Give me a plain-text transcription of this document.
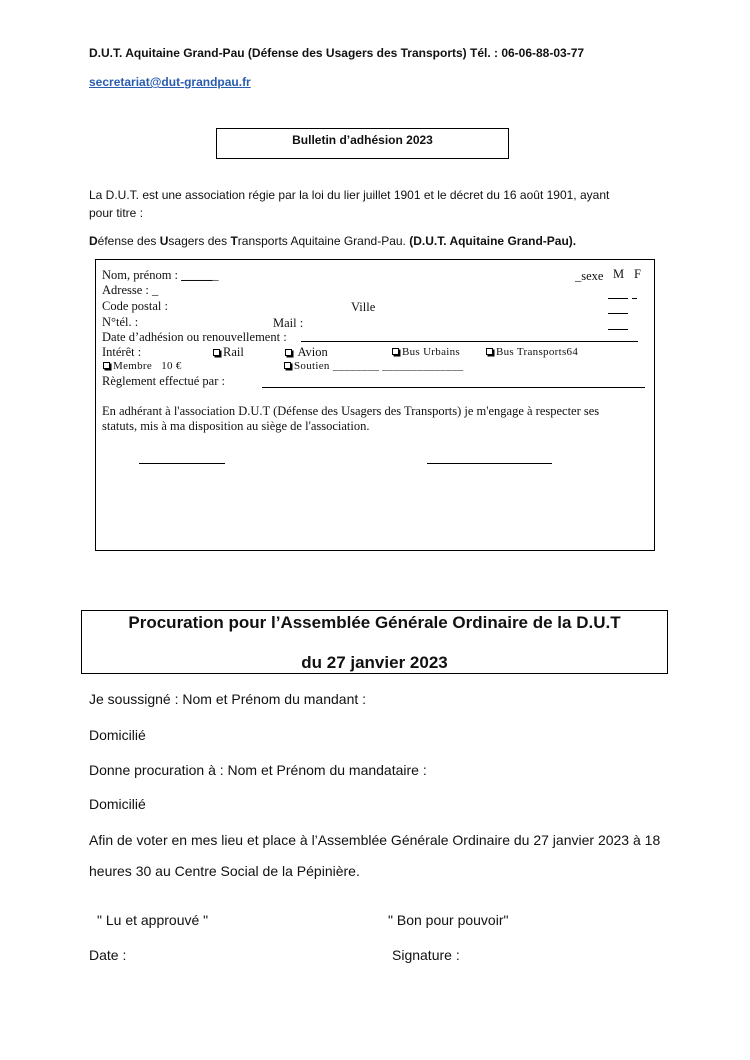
D.U.T. Aquitaine Grand-Pau (Défense des Usagers des Transports) Tél. : 06-06-88-03-77
secretariat@dut-grandpau.fr
Bulletin d’adhésion 2023
La D.U.T. est une association régie par la loi du lier juillet 1901 et le décret du 16 août 1901, ayant
pour titre :
Défense des Usagers des Transports Aquitaine Grand-Pau. (D.U.T. Aquitaine Grand-Pau).
Nom, prénom : ______	_sexe M F
Adresse : _
Code postal :	Ville
N°tél. :	Mail :
Date d’adhésion ou renouvellement :
Intérêt :	Rail	Avion	Bus Urbains	Bus Transports64
Membre 10 €	Soutien ________ ______________
Règlement effectué par :
En adhérant à l'association D.U.T (Défense des Usagers des Transports) je m'engage à respecter ses
statuts, mis à ma disposition au siège de l'association.
Procuration pour l’Assemblée Générale Ordinaire de la D.U.T
du 27 janvier 2023
Je soussigné : Nom et Prénom du mandant :
Domicilié
Donne procuration à : Nom et Prénom du mandataire :
Domicilié
Afin de voter en mes lieu et place à l’Assemblée Générale Ordinaire du 27 janvier 2023 à 18
heures 30 au Centre Social de la Pépinière.
" Lu et approuvé "	" Bon pour pouvoir"
Date :	Signature :
